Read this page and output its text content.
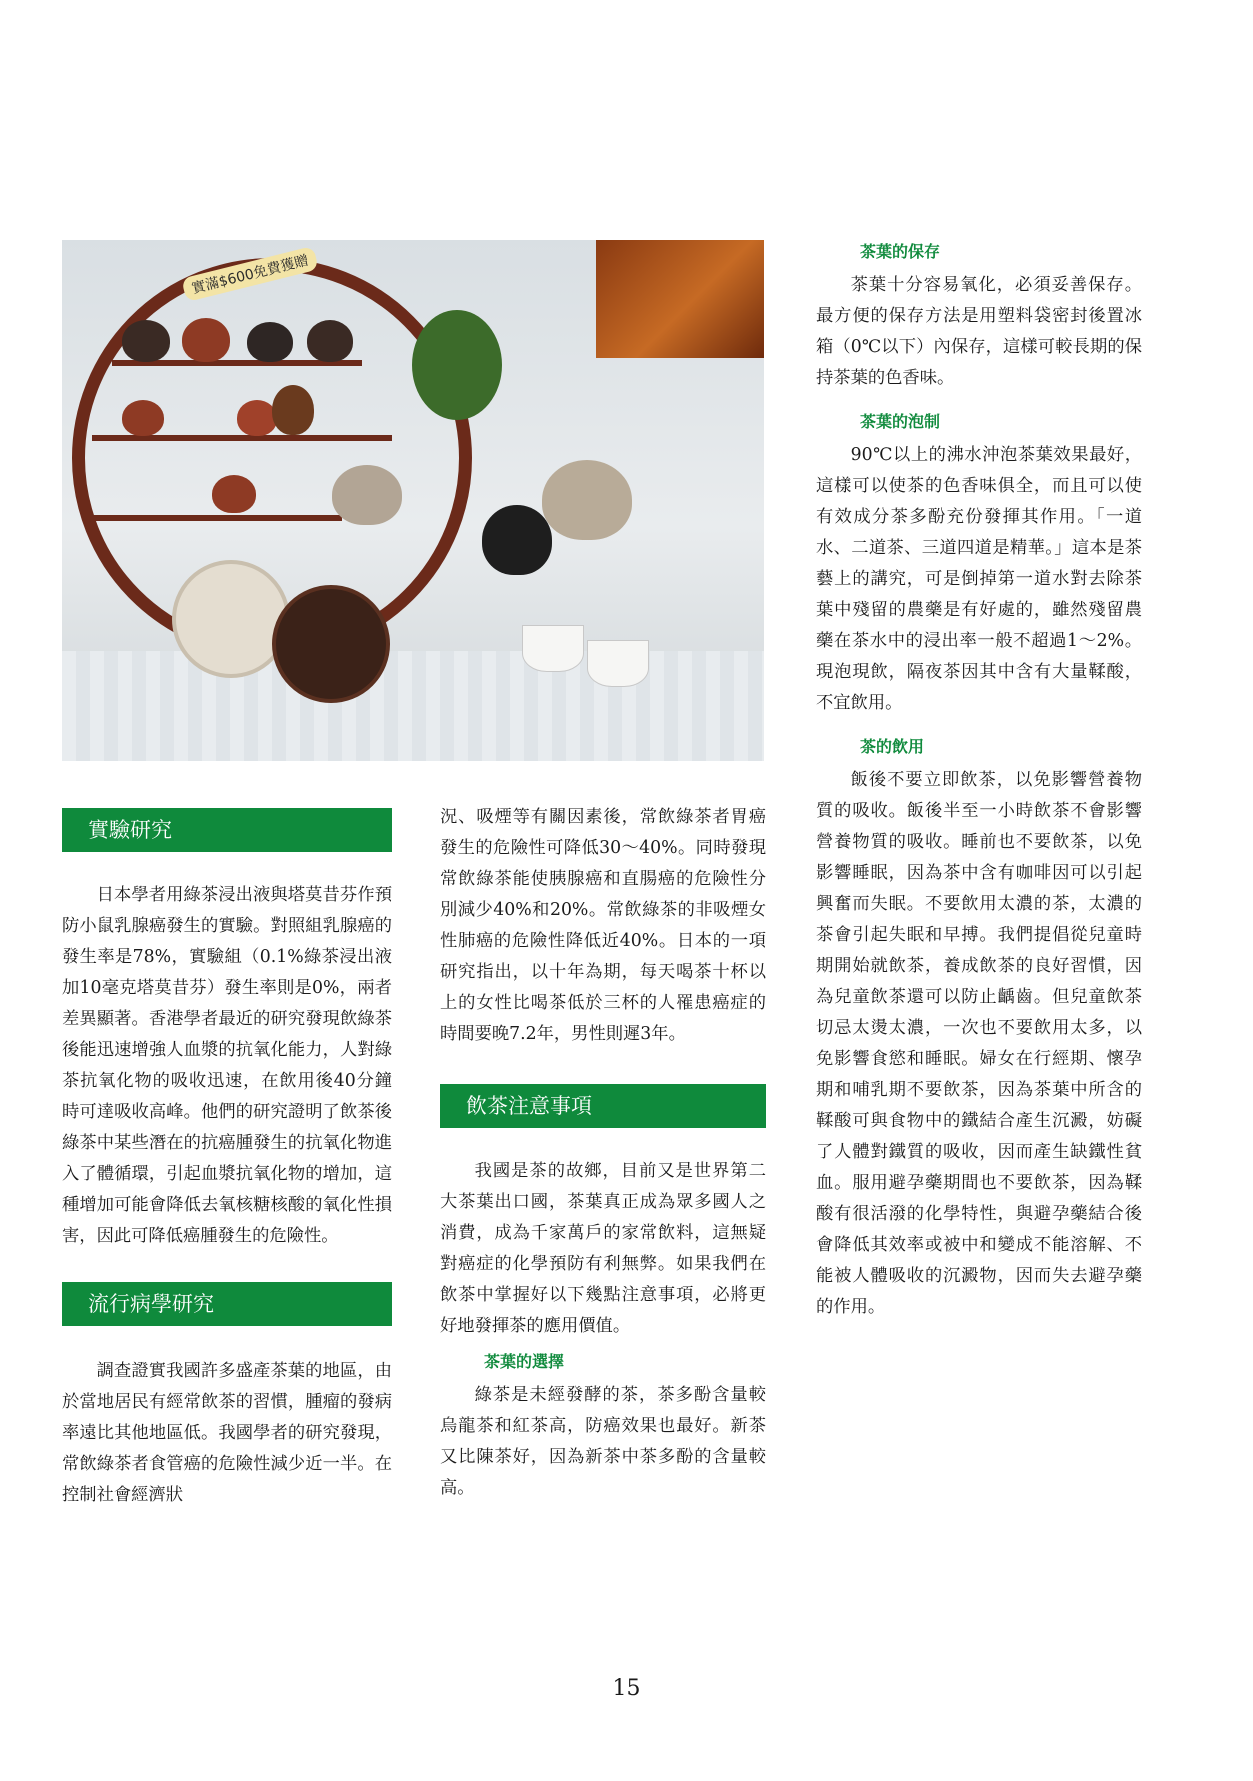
實滿$600免費獲贈
實驗研究

日本學者用綠茶浸出液與塔莫昔芬作預防小鼠乳腺癌發生的實驗。對照組乳腺癌的發生率是78%，實驗組（0.1%綠茶浸出液加10毫克塔莫昔芬）發生率則是0%，兩者差異顯著。香港學者最近的研究發現飲綠茶後能迅速增強人血漿的抗氧化能力，人對綠茶抗氧化物的吸收迅速，在飲用後40分鐘時可達吸收高峰。他們的研究證明了飲茶後綠茶中某些潛在的抗癌腫發生的抗氧化物進入了體循環，引起血漿抗氧化物的增加，這種增加可能會降低去氧核糖核酸的氧化性損害，因此可降低癌腫發生的危險性。

流行病學研究

調查證實我國許多盛產茶葉的地區，由於當地居民有經常飲茶的習慣，腫瘤的發病率遠比其他地區低。我國學者的研究發現，常飲綠茶者食管癌的危險性減少近一半。在控制社會經濟狀

況、吸煙等有關因素後，常飲綠茶者胃癌發生的危險性可降低30～40%。同時發現常飲綠茶能使胰腺癌和直腸癌的危險性分別減少40%和20%。常飲綠茶的非吸煙女性肺癌的危險性降低近40%。日本的一項研究指出，以十年為期，每天喝茶十杯以上的女性比喝茶低於三杯的人罹患癌症的時間要晚7.2年，男性則遲3年。

飲茶注意事項

我國是茶的故鄉，目前又是世界第二大茶葉出口國，茶葉真正成為眾多國人之消費，成為千家萬戶的家常飲料，這無疑對癌症的化學預防有利無弊。如果我們在飲茶中掌握好以下幾點注意事項，必將更好地發揮茶的應用價值。

茶葉的選擇

綠茶是未經發酵的茶，茶多酚含量較烏龍茶和紅茶高，防癌效果也最好。新茶又比陳茶好，因為新茶中茶多酚的含量較高。

茶葉的保存

茶葉十分容易氧化，必須妥善保存。最方便的保存方法是用塑料袋密封後置冰箱（0℃以下）內保存，這樣可較長期的保持茶葉的色香味。

茶葉的泡制

90℃以上的沸水沖泡茶葉效果最好，這樣可以使茶的色香味俱全，而且可以使有效成分茶多酚充份發揮其作用。「一道水、二道茶、三道四道是精華。」這本是茶藝上的講究，可是倒掉第一道水對去除茶葉中殘留的農藥是有好處的，雖然殘留農藥在茶水中的浸出率一般不超過1～2%。現泡現飲，隔夜茶因其中含有大量鞣酸，不宜飲用。

茶的飲用

飯後不要立即飲茶，以免影響營養物質的吸收。飯後半至一小時飲茶不會影響營養物質的吸收。睡前也不要飲茶，以免影響睡眠，因為茶中含有咖啡因可以引起興奮而失眠。不要飲用太濃的茶，太濃的茶會引起失眠和早搏。我們提倡從兒童時期開始就飲茶，養成飲茶的良好習慣，因為兒童飲茶還可以防止齲齒。但兒童飲茶切忌太燙太濃，一次也不要飲用太多，以免影響食慾和睡眠。婦女在行經期、懷孕期和哺乳期不要飲茶，因為茶葉中所含的鞣酸可與食物中的鐵結合產生沉澱，妨礙了人體對鐵質的吸收，因而產生缺鐵性貧血。服用避孕藥期間也不要飲茶，因為鞣酸有很活潑的化學特性，與避孕藥結合後會降低其效率或被中和變成不能溶解、不能被人體吸收的沉澱物，因而失去避孕藥的作用。

15
